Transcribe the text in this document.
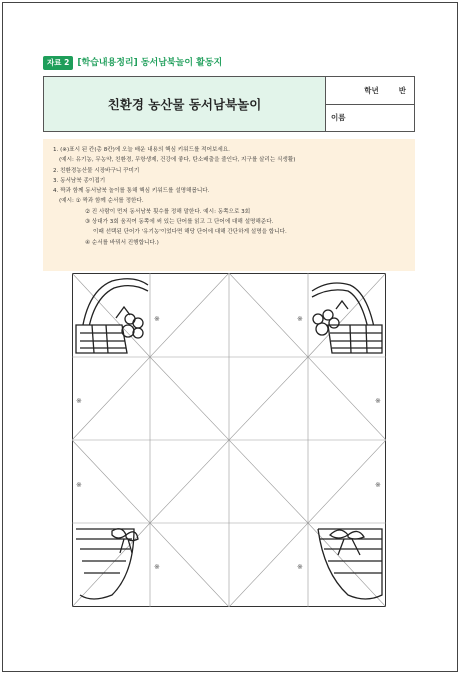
자료 2 [학습내용정리] 동서남북놀이 활동지
친환경 농산물 동서남북놀이
학년	반
이름
1. (※)표시 된 칸(총 8칸)에 오늘 배운 내용의 핵심 키워드를 적어보세요.
(예시: 유기농, 무농약, 친환경, 무항생제, 건강에 좋다, 탄소배출을 줄인다, 지구를 살리는 식생활)
2. 친환경농산물 시장바구니 꾸미기
3. 동서남북 종이접기
4. 짝과 함께 동서남북 놀이를 통해 핵심 키워드를 설명해봅니다.
(예시: ① 짝과 함께 순서를 정한다.
② 진 사람이 먼저 동서남북 횟수를 정해 말한다. 예시: 동쪽으로 3회
③ 상대가 3회 움직여 동쪽에 써 있는 단어를 읽고 그 단어에 대해 설명해준다.
이때 선택된 단어가 '유기농'이었다면 해당 단어에 대해 간단하게 설명을 합니다.
④ 순서를 바꿔서 진행합니다.)
※	※
※	※
※	※
※	※
